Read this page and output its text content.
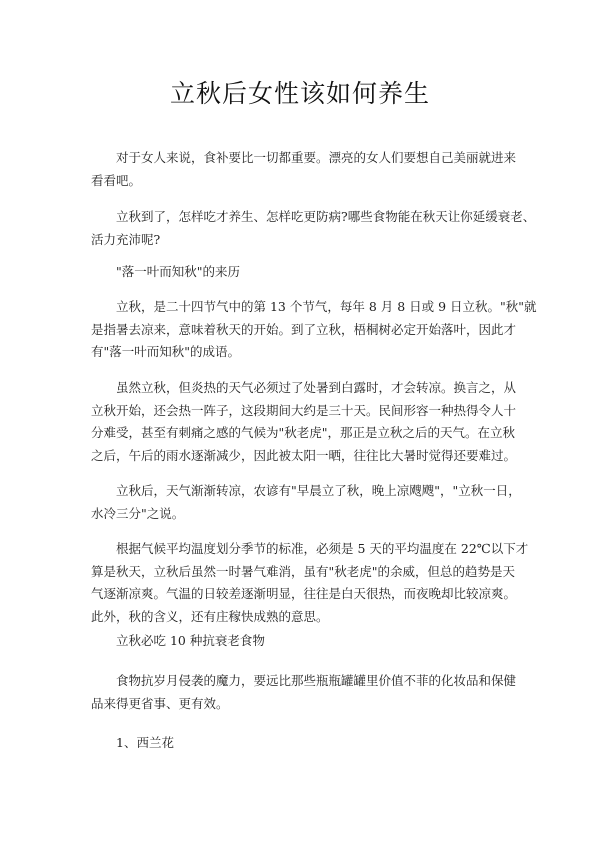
立秋后女性该如何养生

　　对于女人来说，食补要比一切都重要。漂亮的女人们要想自己美丽就进来
看看吧。

　　立秋到了，怎样吃才养生、怎样吃更防病?哪些食物能在秋天让你延缓衰老、
活力充沛呢?

　　"落一叶而知秋"的来历

　　立秋，是二十四节气中的第 13 个节气，每年 8 月 8 日或 9 日立秋。"秋"就
是指暑去凉来，意味着秋天的开始。到了立秋，梧桐树必定开始落叶，因此才
有"落一叶而知秋"的成语。

　　虽然立秋，但炎热的天气必须过了处暑到白露时，才会转凉。换言之，从
立秋开始，还会热一阵子，这段期间大约是三十天。民间形容一种热得令人十
分难受，甚至有刺痛之感的气候为"秋老虎"，那正是立秋之后的天气。在立秋
之后，午后的雨水逐渐减少，因此被太阳一晒，往往比大暑时觉得还要难过。

　　立秋后，天气渐渐转凉，农谚有"早晨立了秋，晚上凉飕飕"，"立秋一日，
水冷三分"之说。

　　根据气候平均温度划分季节的标准，必须是 5 天的平均温度在 22℃以下才
算是秋天，立秋后虽然一时暑气难消，虽有"秋老虎"的余威，但总的趋势是天
气逐渐凉爽。气温的日较差逐渐明显，往往是白天很热，而夜晚却比较凉爽。
此外，秋的含义，还有庄稼快成熟的意思。

　　立秋必吃 10 种抗衰老食物

　　食物抗岁月侵袭的魔力，要远比那些瓶瓶罐罐里价值不菲的化妆品和保健
品来得更省事、更有效。

　　1、西兰花
